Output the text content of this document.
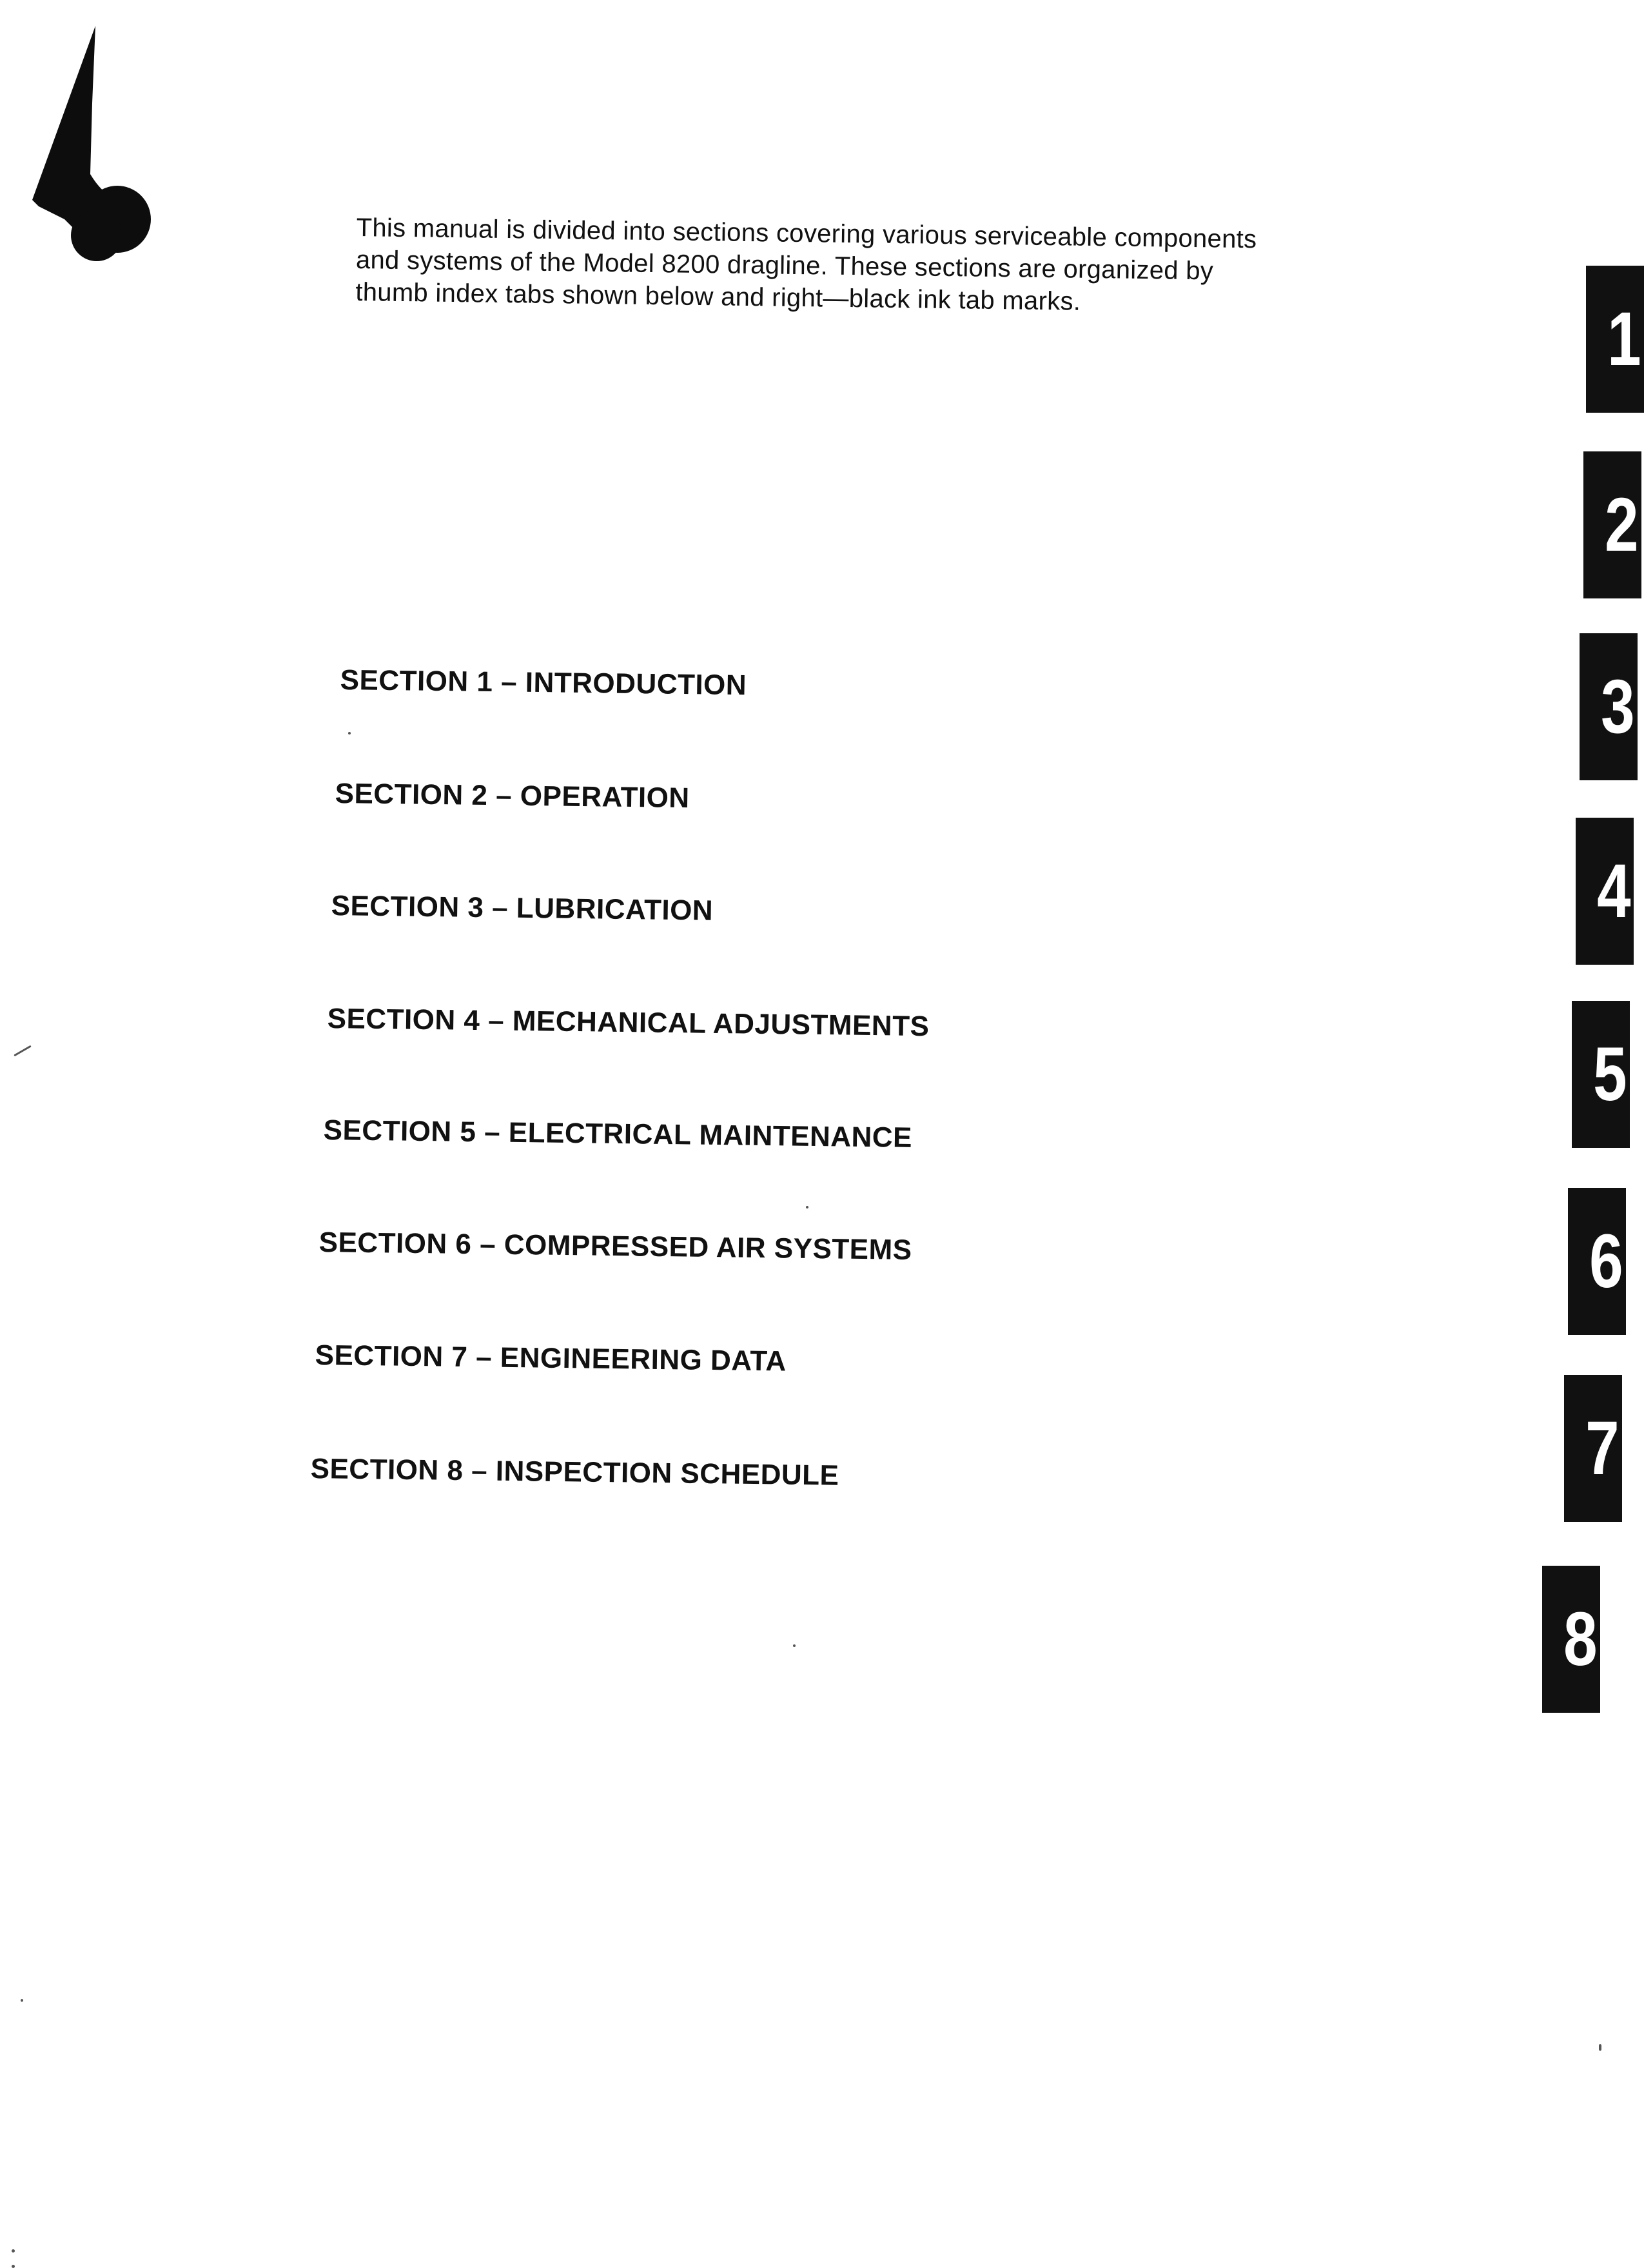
This manual is divided into sections covering various serviceable components

and systems of the Model 8200 dragline. These sections are organized by

thumb index tabs shown below and right—black ink tab marks.

SECTION 1 – INTRODUCTION
SECTION 2 – OPERATION
SECTION 3 – LUBRICATION
SECTION 4 – MECHANICAL ADJUSTMENTS
SECTION 5 – ELECTRICAL MAINTENANCE
SECTION 6 – COMPRESSED AIR SYSTEMS
SECTION 7 – ENGINEERING DATA
SECTION 8 – INSPECTION SCHEDULE
1
2
3
4
5
6
7
8
